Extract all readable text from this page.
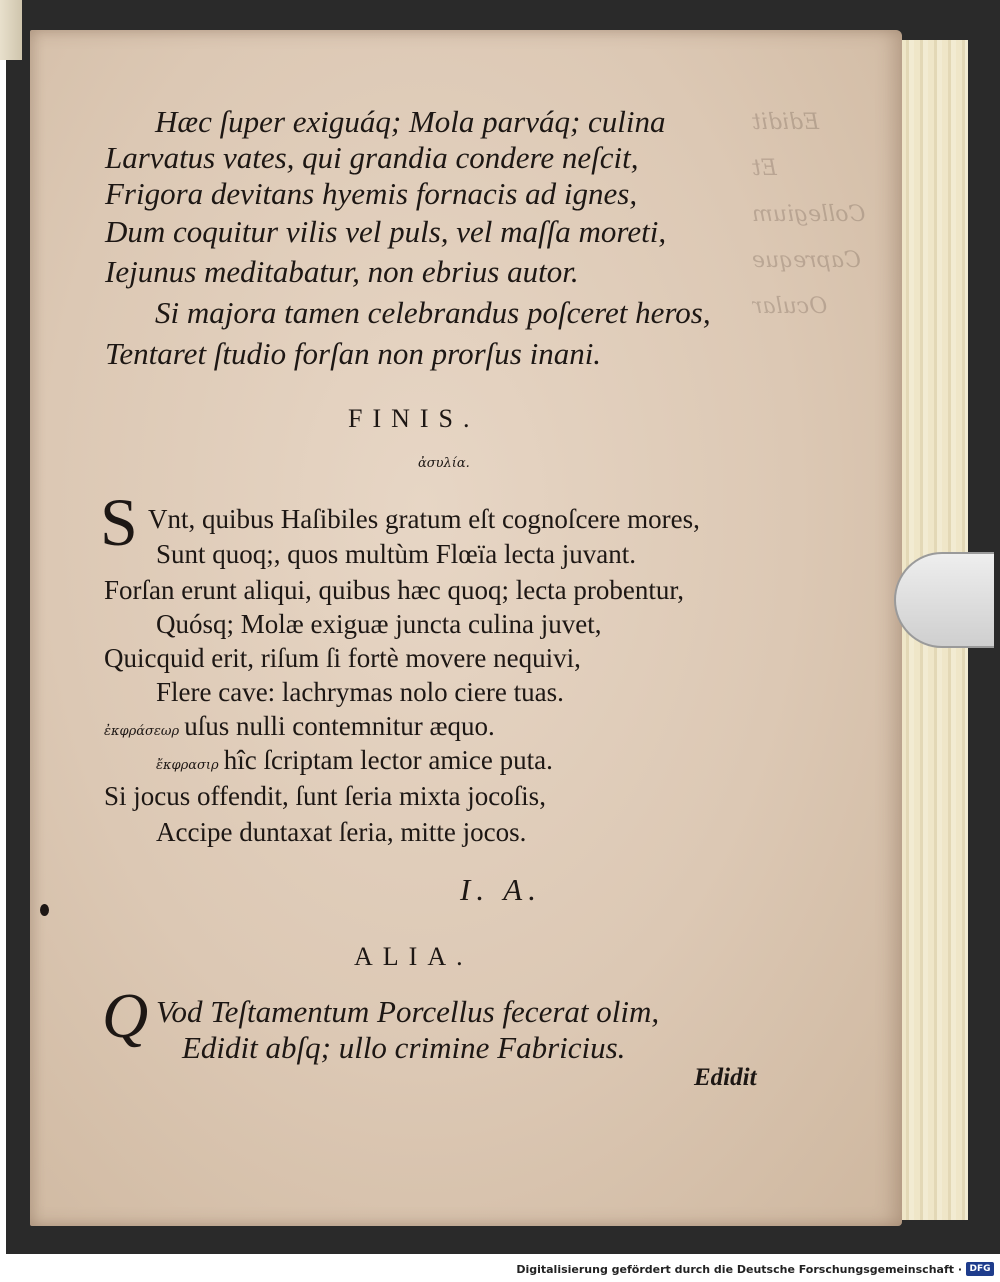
Edidit
Et
Collegium
Capreque
Ocular

Hæc ſuper exiguáq; Mola parváq; culina

Larvatus vates, qui grandia condere neſcit,

Frigora devitans hyemis fornacis ad ignes,

Dum coquitur vilis vel puls, vel maſſa moreti,

Iejunus meditabatur, non ebrius autor.

Si majora tamen celebrandus poſceret heros,

Tentaret ſtudio forſan non prorſus inani.

FINIS.

ἀσυλία.

S Vnt, quibus Haſibiles gratum eſt cognoſcere mores,

Sunt quoq;, quos multùm Flœïa lecta juvant.

Forſan erunt aliqui, quibus hæc quoq; lecta probentur,

Quósq; Molæ exiguæ juncta culina juvet,

Quicquid erit, riſum ſi fortè movere nequivi,

Flere cave: lachrymas nolo ciere tuas.

ἐκφράσεωρ uſus nulli contemnitur æquo.

ἔκφρασιρ hîc ſcriptam lector amice puta.

Si jocus offendit, ſunt ſeria mixta jocoſis,

Accipe duntaxat ſeria, mitte jocos.

I. A.

ALIA.

Q Vod Teſtamentum Porcellus fecerat olim,

Edidit abſq; ullo crimine Fabricius.

Edidit

Digitalisierung gefördert durch die Deutsche Forschungsgemeinschaft · DFG
